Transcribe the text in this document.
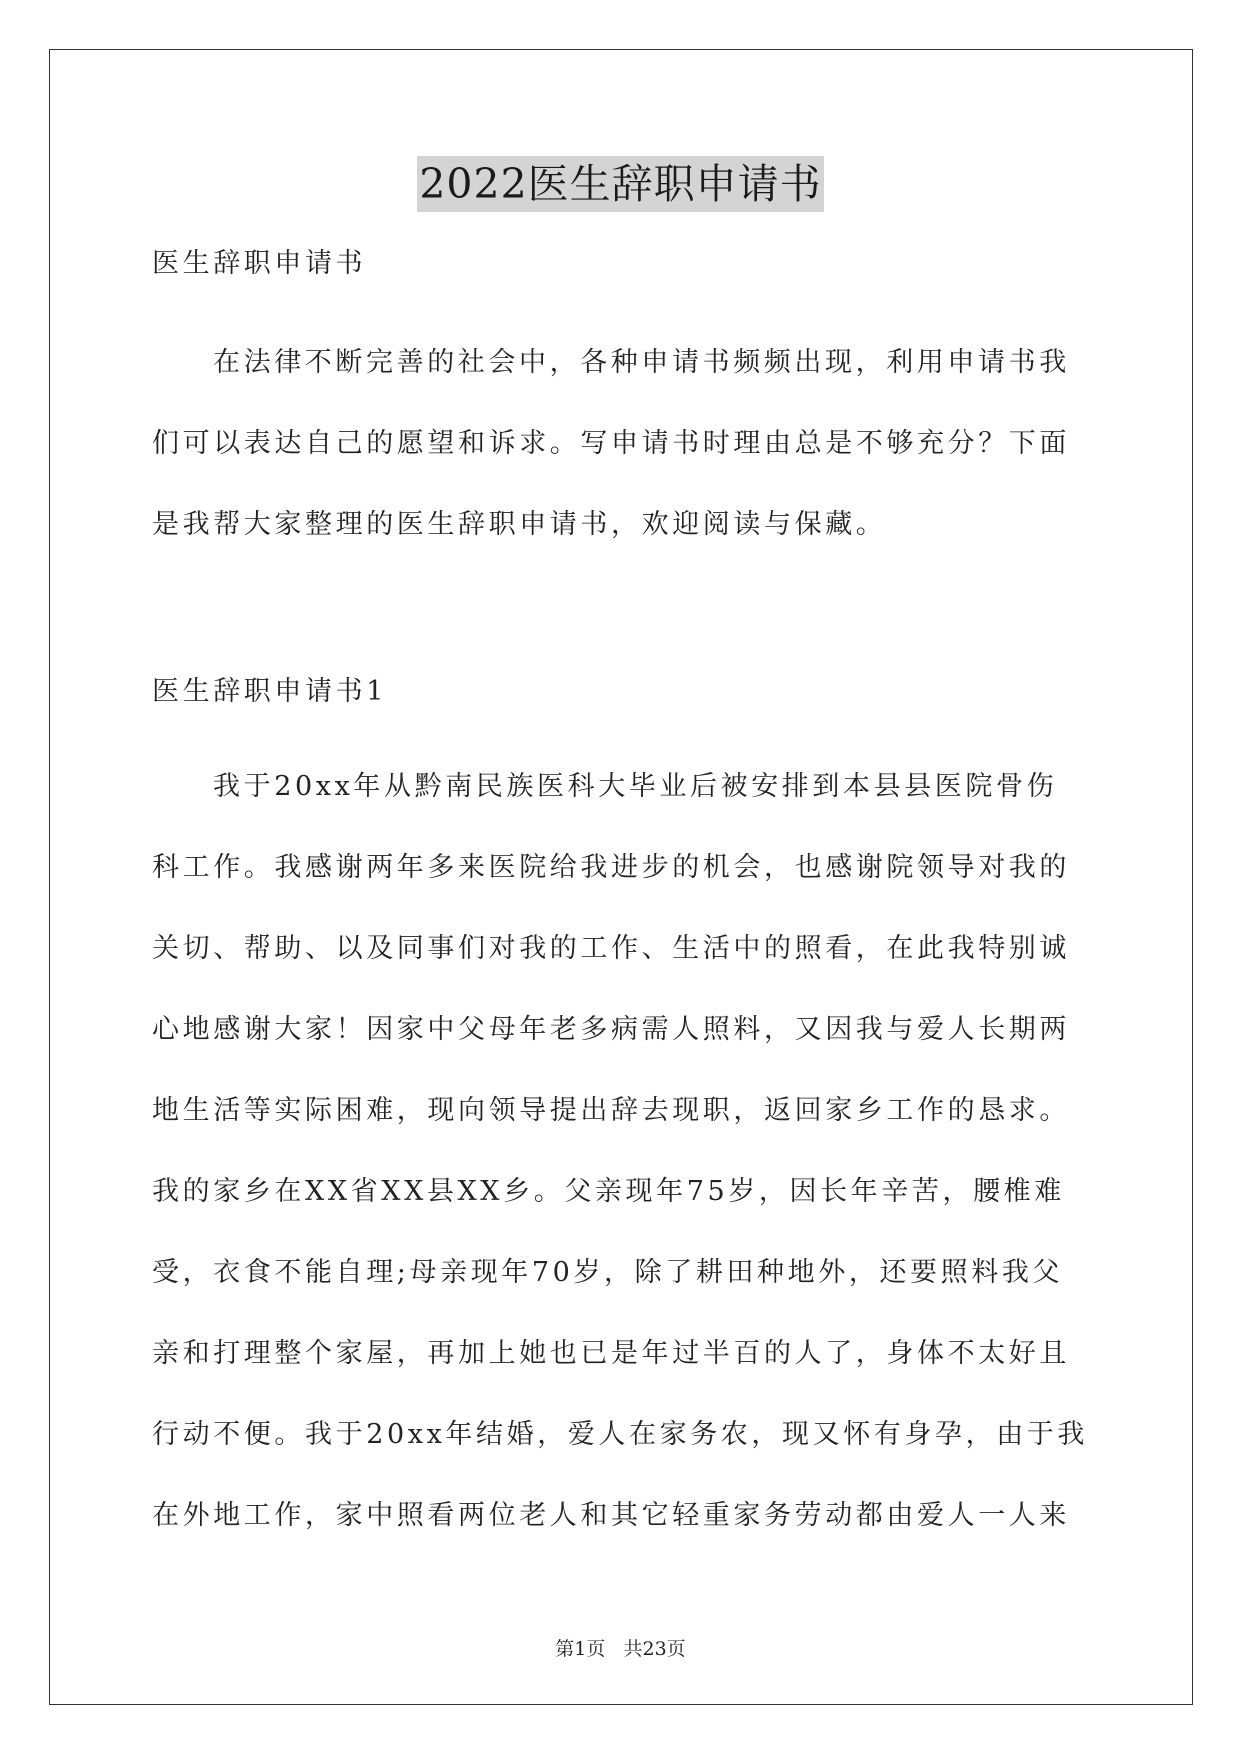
2022医生辞职申请书
医生辞职申请书
在法律不断完善的社会中，各种申请书频频出现，利用申请书我
们可以表达自己的愿望和诉求。写申请书时理由总是不够充分？下面
是我帮大家整理的医生辞职申请书，欢迎阅读与保藏。
医生辞职申请书1
我于20xx年从黔南民族医科大毕业后被安排到本县县医院骨伤
科工作。我感谢两年多来医院给我进步的机会，也感谢院领导对我的
关切、帮助、以及同事们对我的工作、生活中的照看，在此我特别诚
心地感谢大家！因家中父母年老多病需人照料，又因我与爱人长期两
地生活等实际困难，现向领导提出辞去现职，返回家乡工作的恳求。
我的家乡在XX省XX县XX乡。父亲现年75岁，因长年辛苦，腰椎难
受，衣食不能自理;母亲现年70岁，除了耕田种地外，还要照料我父
亲和打理整个家屋，再加上她也已是年过半百的人了，身体不太好且
行动不便。我于20xx年结婚，爱人在家务农，现又怀有身孕，由于我
在外地工作，家中照看两位老人和其它轻重家务劳动都由爱人一人来
第1页   共23页
